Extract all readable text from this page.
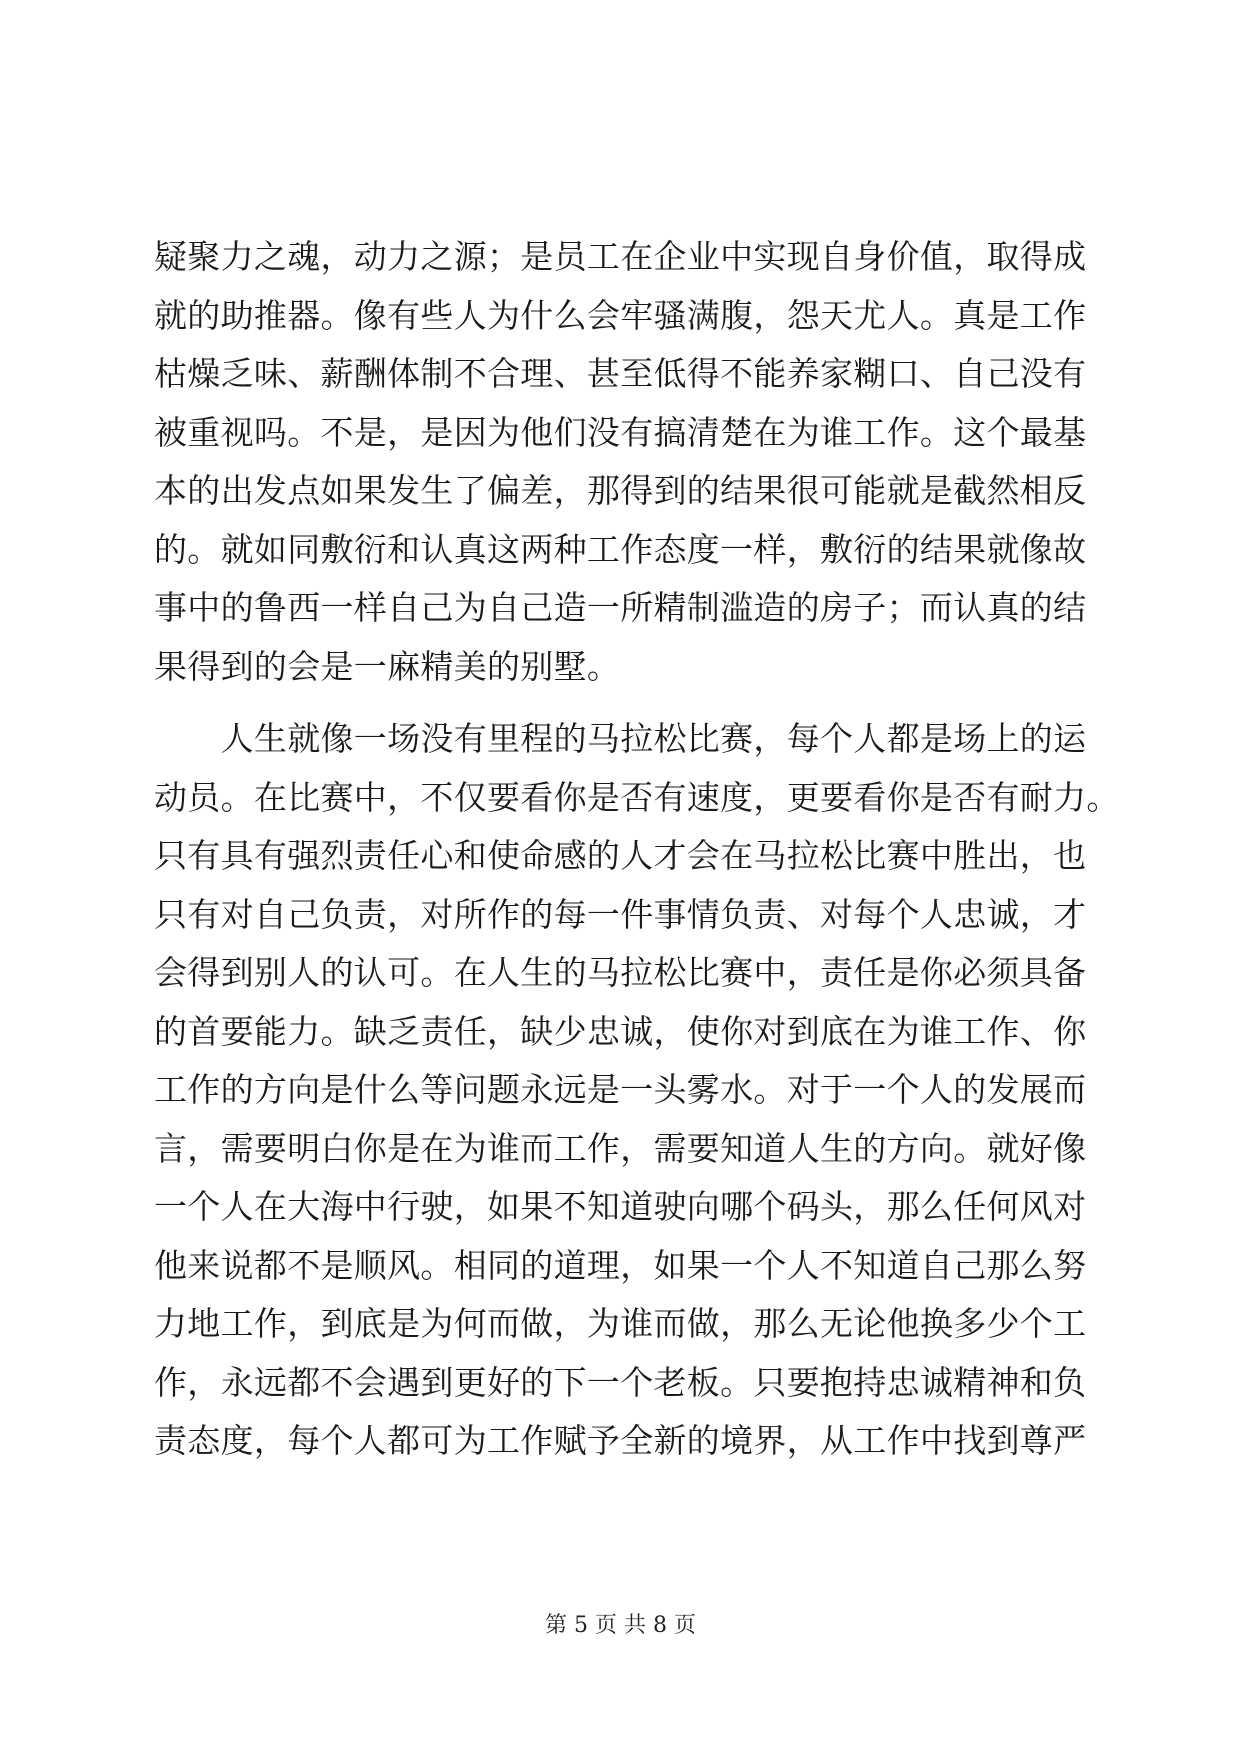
疑聚力之魂，动力之源；是员工在企业中实现自身价值，取得成
就的助推器。像有些人为什么会牢骚满腹，怨天尤人。真是工作
枯燥乏味、薪酬体制不合理、甚至低得不能养家糊口、自己没有
被重视吗。不是，是因为他们没有搞清楚在为谁工作。这个最基
本的出发点如果发生了偏差，那得到的结果很可能就是截然相反
的。就如同敷衍和认真这两种工作态度一样，敷衍的结果就像故
事中的鲁西一样自己为自己造一所精制滥造的房子；而认真的结
果得到的会是一麻精美的别墅。
　　人生就像一场没有里程的马拉松比赛，每个人都是场上的运
动员。在比赛中，不仅要看你是否有速度，更要看你是否有耐力。
只有具有强烈责任心和使命感的人才会在马拉松比赛中胜出，也
只有对自己负责，对所作的每一件事情负责、对每个人忠诚，才
会得到别人的认可。在人生的马拉松比赛中，责任是你必须具备
的首要能力。缺乏责任，缺少忠诚，使你对到底在为谁工作、你
工作的方向是什么等问题永远是一头雾水。对于一个人的发展而
言，需要明白你是在为谁而工作，需要知道人生的方向。就好像
一个人在大海中行驶，如果不知道驶向哪个码头，那么任何风对
他来说都不是顺风。相同的道理，如果一个人不知道自己那么努
力地工作，到底是为何而做，为谁而做，那么无论他换多少个工
作，永远都不会遇到更好的下一个老板。只要抱持忠诚精神和负
责态度，每个人都可为工作赋予全新的境界，从工作中找到尊严
第 5 页 共 8 页
